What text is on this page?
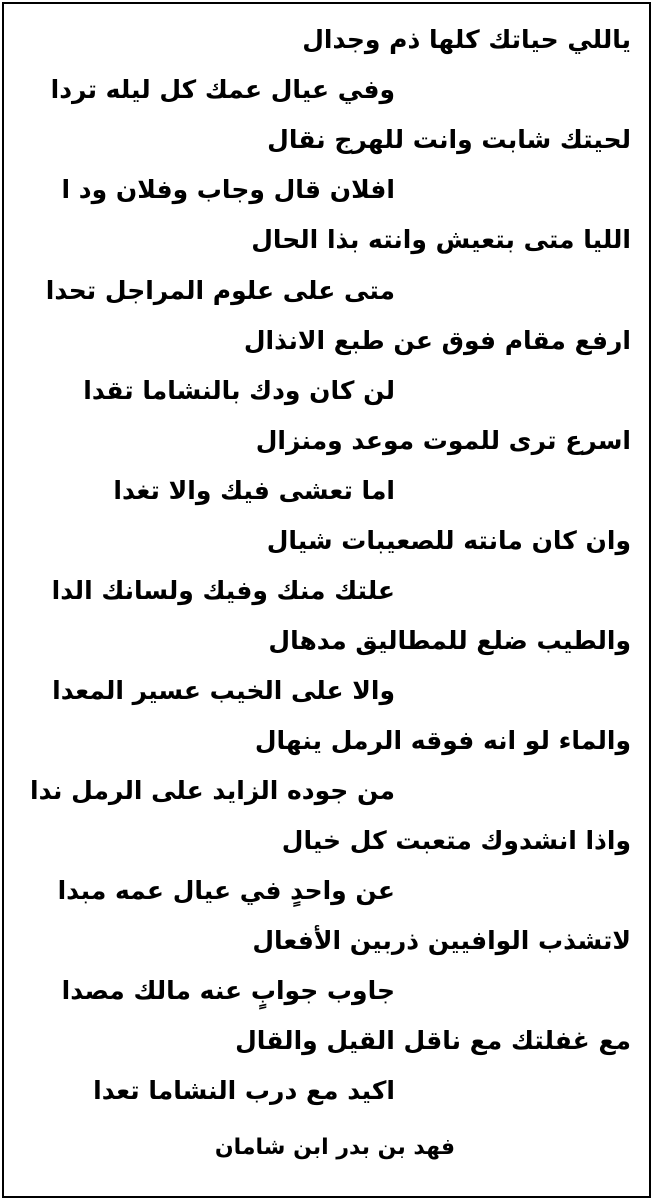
ياللي حياتك كلها ذم وجدال
وفي عيال عمك كل ليله تردا
لحيتك شابت وانت للهرج نقال
افلان قال وجاب وفلان ود ا
الليا متى بتعيش وانته بذا الحال
متى على علوم المراجل تحدا
ارفع مقام فوق عن طبع الانذال
لن كان ودك بالنشاما تقدا
اسرع ترى للموت موعد ومنزال
اما تعشى فيك والا تغدا
وان كان مانته للصعيبات شيال
علتك منك وفيك ولسانك الدا
والطيب ضلع للمطاليق مدهال
والا على الخيب عسير المعدا
والماء لو انه فوقه الرمل ينهال
من جوده الزايد على الرمل ندا
واذا انشدوك متعبت كل خيال
عن واحدٍ في عيال عمه مبدا
لاتشذب الوافيين ذربين الأفعال
جاوب جوابٍ عنه مالك مصدا
مع غفلتك مع ناقل القيل والقال
اكيد مع درب النشاما تعدا
فهد بن بدر ابن شامان
